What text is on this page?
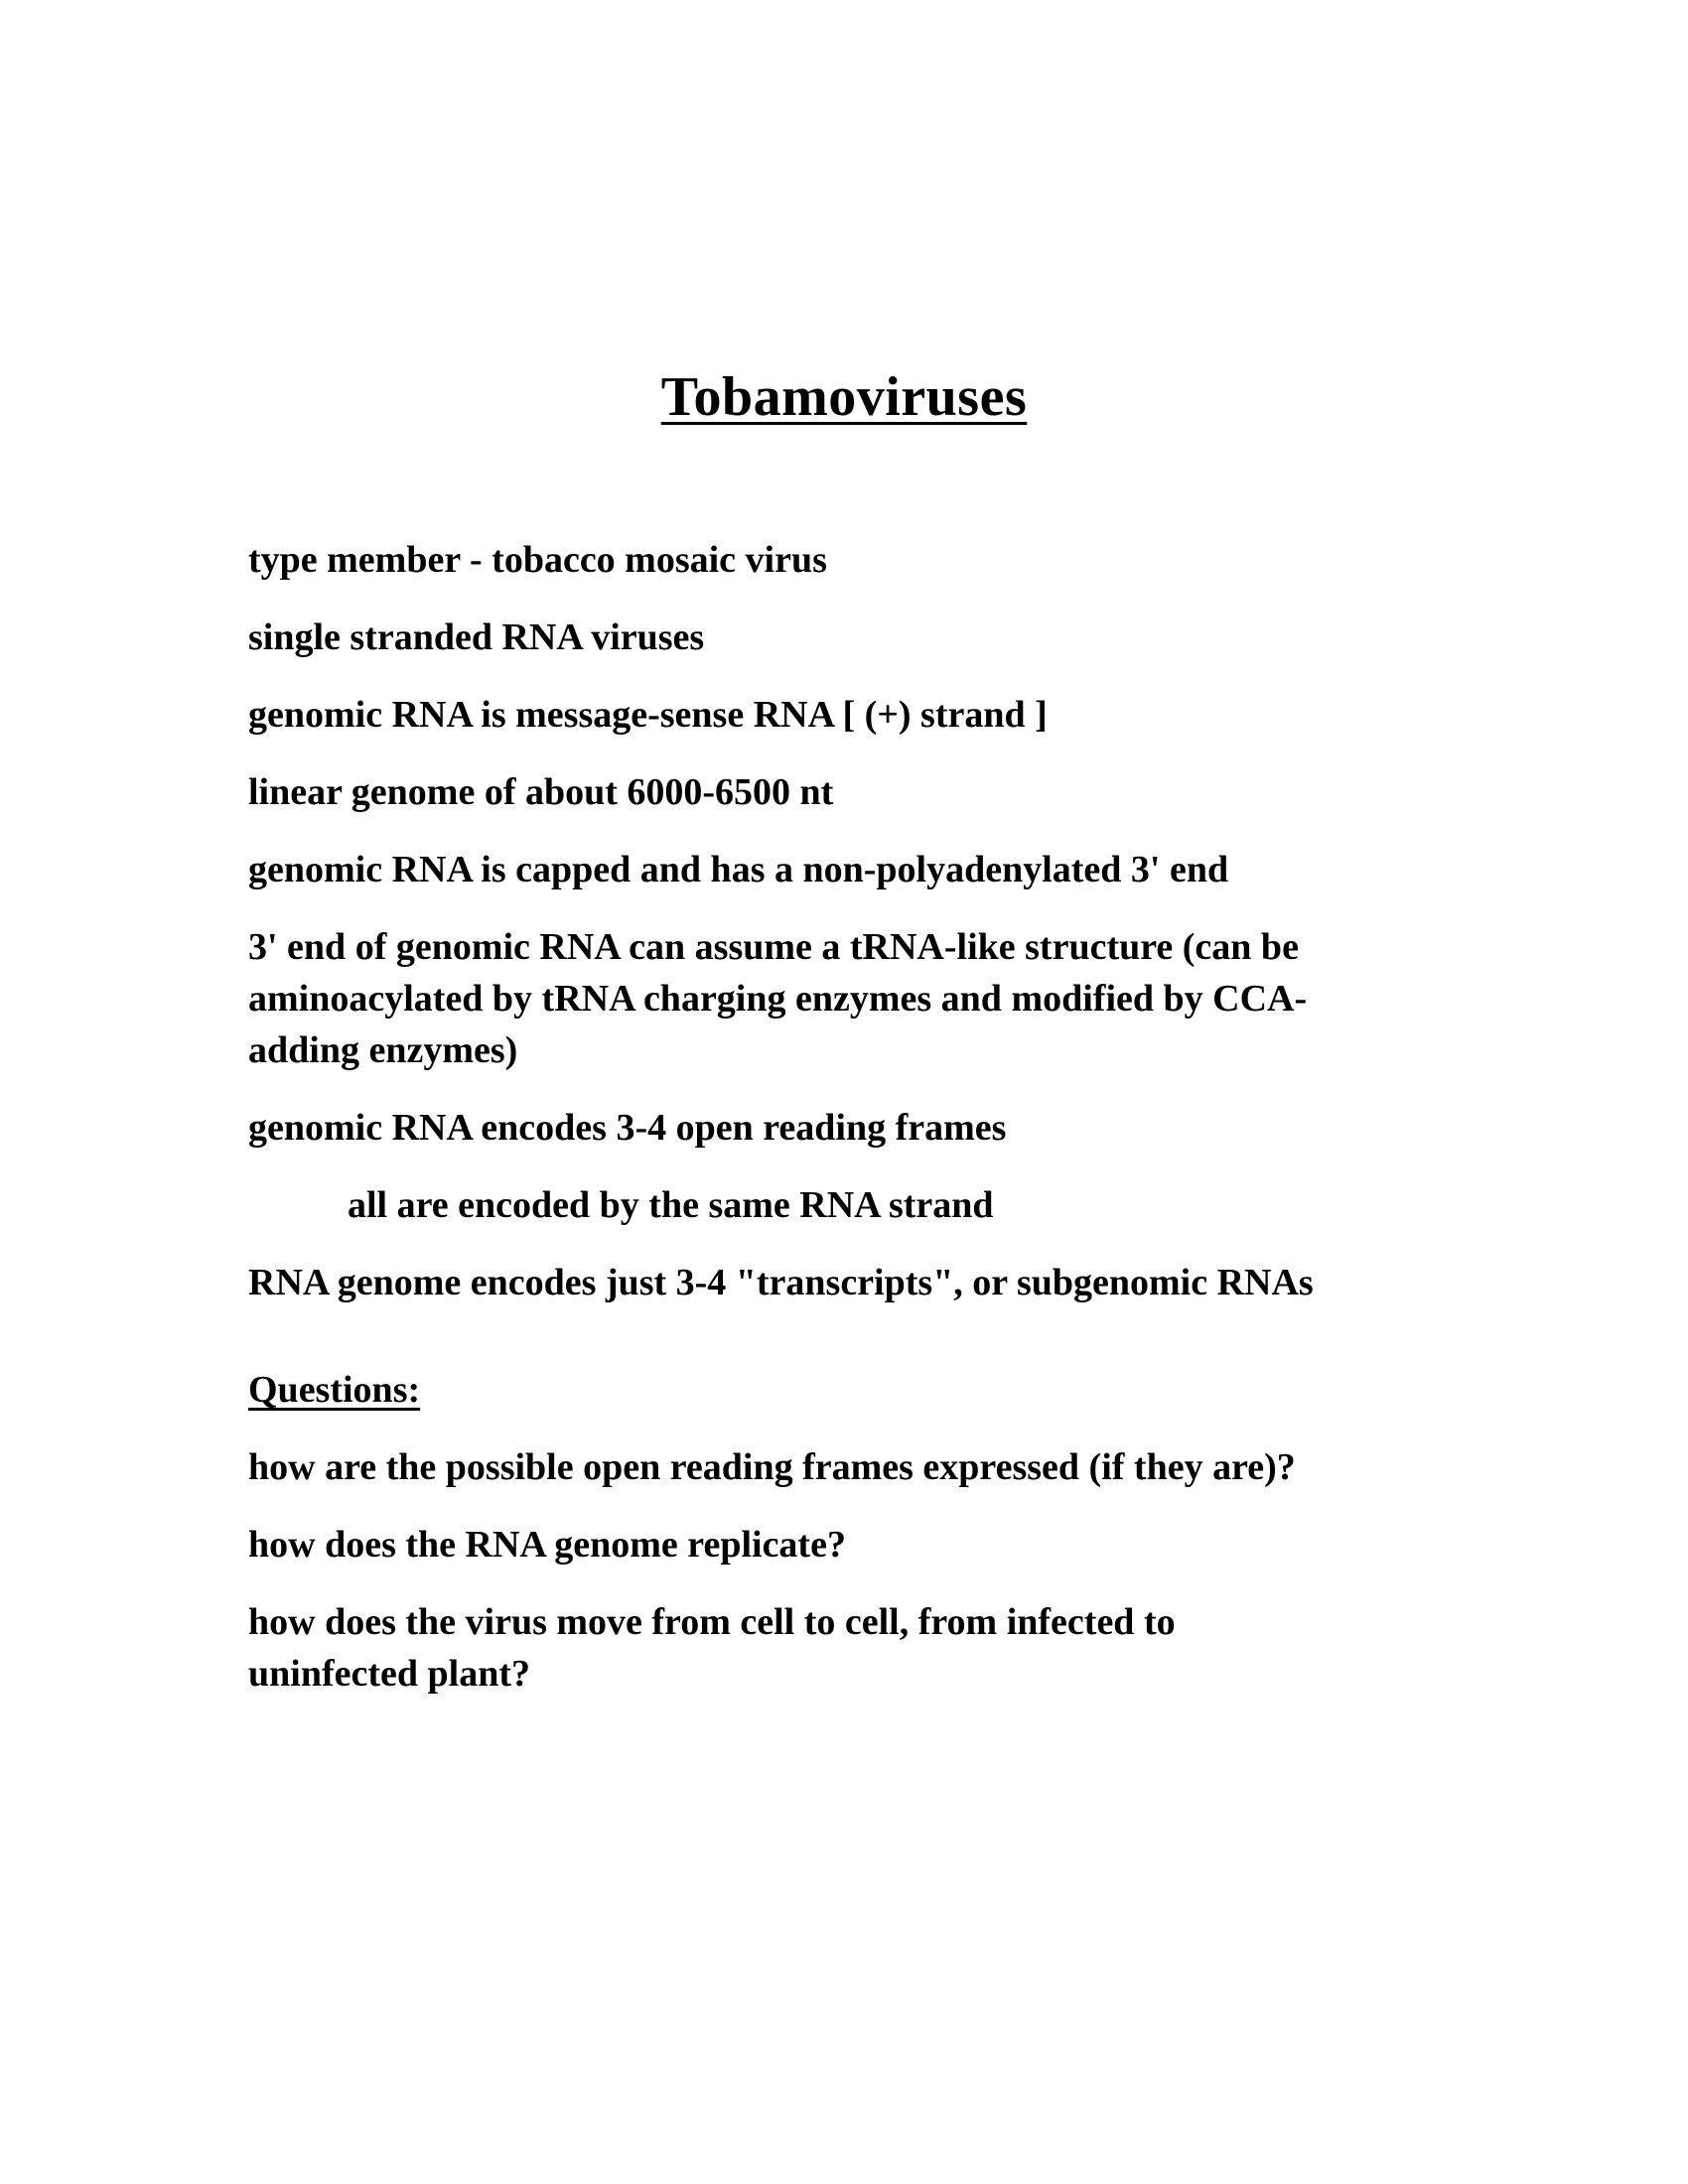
Tobamoviruses

type member - tobacco mosaic virus

single stranded RNA viruses

genomic RNA is message-sense RNA [ (+) strand ]

linear genome of about 6000-6500 nt

genomic RNA is capped and has a non-polyadenylated 3' end

3' end of genomic RNA can assume a tRNA-like structure (can be
aminoacylated by tRNA charging enzymes and modified by CCA-
adding enzymes)

genomic RNA encodes 3-4 open reading frames

all are encoded by the same RNA strand

RNA genome encodes just 3-4 "transcripts", or subgenomic RNAs

Questions:

how are the possible open reading frames expressed (if they are)?

how does the RNA genome replicate?

how does the virus move from cell to cell, from infected to
uninfected plant?
